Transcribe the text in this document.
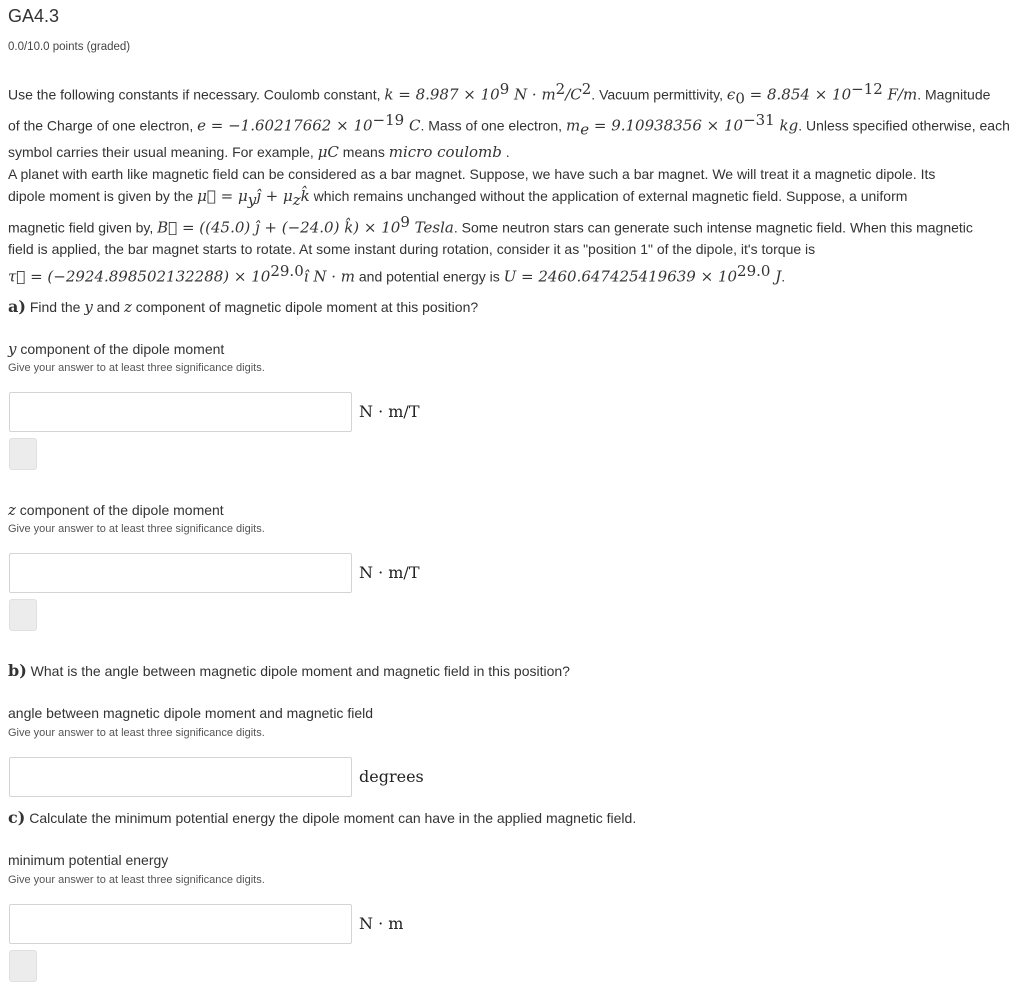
GA4.3
0.0/10.0 points (graded)
Use the following constants if necessary. Coulomb constant, $k = 8.987 \times 10^9$ $N \cdot m^2/C^2$. Vacuum permittivity, $\epsilon_0 = 8.854 \times 10^{-12}$ F/m. Magnitude
of the Charge of one electron, $e = -1.60217662 \times 10^{-19}$ C. Mass of one electron, $m_e = 9.10938356 \times 10^{-31}$ kg. Unless specified otherwise, each
symbol carries their usual meaning. For example, μC means micro coulomb .
A planet with earth like magnetic field can be considered as a bar magnet. Suppose, we have such a bar magnet. We will treat it a magnetic dipole. Its
dipole moment is given by the μ⃗ = $\mu_yĵ$ + $\mu_zk̂$ which remains unchanged without the application of external magnetic field. Suppose, a uniform
magnetic field given by, B⃗ = ((45.0) ĵ + (−24.0) k̂) × $10^9$ Tesla. Some neutron stars can generate such intense magnetic field. When this magnetic
field is applied, the bar magnet starts to rotate. At some instant during rotation, consider it as "position 1" of the dipole, it's torque is
τ⃗ = $(-2924.898502132288) \times 10^{29.0}î$ N · m and potential energy is $U = 2460.647425419639 \times 10^{29.0}$ J.
a) Find the y and z component of magnetic dipole moment at this position?
y component of the dipole moment
Give your answer to at least three significance digits.
N · m/T
z component of the dipole moment
Give your answer to at least three significance digits.
N · m/T
b) What is the angle between magnetic dipole moment and magnetic field in this position?
angle between magnetic dipole moment and magnetic field
Give your answer to at least three significance digits.
degrees
c) Calculate the minimum potential energy the dipole moment can have in the applied magnetic field.
minimum potential energy
Give your answer to at least three significance digits.
N · m
